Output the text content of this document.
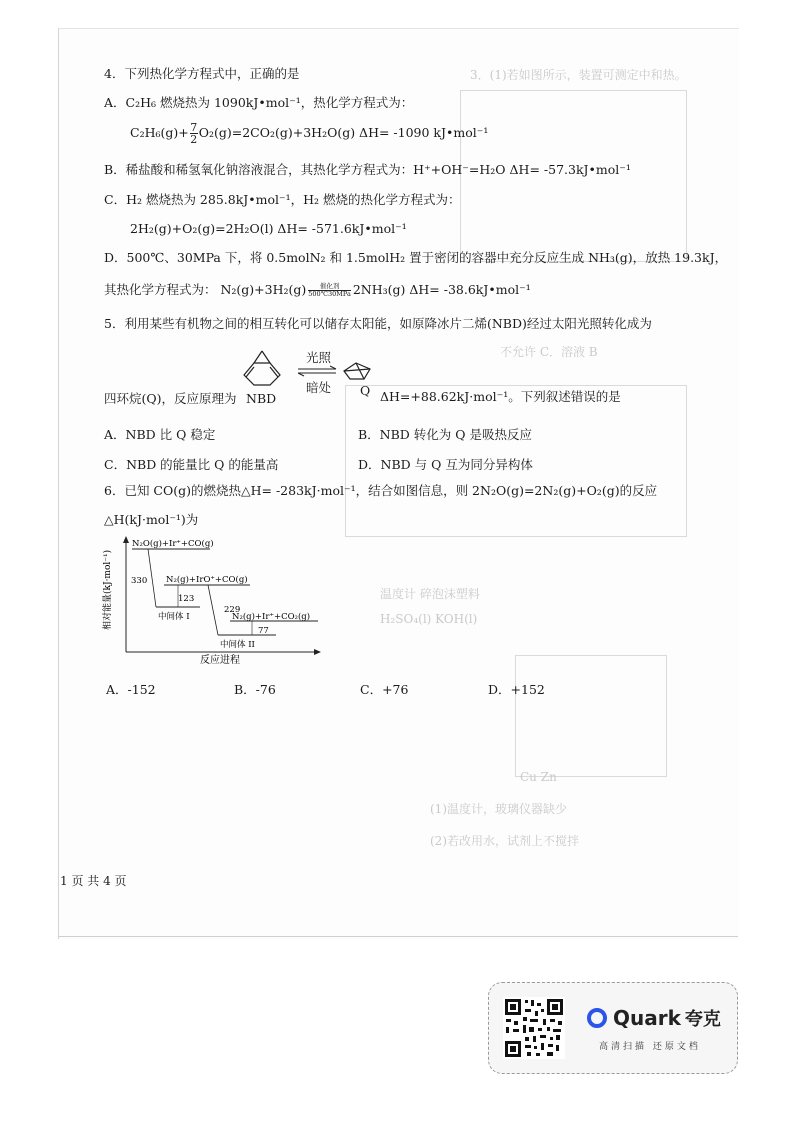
3．(1)若如图所示，装置可测定中和热。
不允许 C．溶液 B
Cu Zn
(1)温度计，玻璃仪器缺少
(2)若改用水，试剂上不搅拌
温度计 碎泡沫塑料
H₂SO₄(l) KOH(l)
4．下列热化学方程式中，正确的是
A．C₂H₆ 燃烧热为 1090kJ•mol⁻¹，热化学方程式为：
$C_2H_6(g)+ \frac{7}{2} O_2(g)=2CO_2(g)+3H_2O(g)$ ΔH= -1090 kJ•mol⁻¹
B．稀盐酸和稀氢氧化钠溶液混合，其热化学方程式为：H⁺+OH⁻=H₂O ΔH= -57.3kJ•mol⁻¹
C．H₂ 燃烧热为 285.8kJ•mol⁻¹，H₂ 燃烧的热化学方程式为：
2H₂(g)+O₂(g)=2H₂O(l) ΔH= -571.6kJ•mol⁻¹
D．500℃、30MPa 下，将 0.5molN₂ 和 1.5molH₂ 置于密闭的容器中充分反应生成 NH₃(g)，放热 19.3kJ，
其热化学方程式为： N₂(g)+3H₂(g)	催化剂
500℃30MPa 2NH₃(g) ΔH= -38.6kJ•mol⁻¹
5．利用某些有机物之间的相互转化可以储存太阳能，如原降冰片二烯(NBD)经过太阳光照转化成为
光照
暗处
NBD
Q
四环烷(Q)，反应原理为	ΔH=+88.62kJ·mol⁻¹。下列叙述错误的是
A．NBD 比 Q 稳定	B．NBD 转化为 Q 是吸热反应
C．NBD 的能量比 Q 的能量高	D．NBD 与 Q 互为同分异构体
6．已知 CO(g)的燃烧热△H= -283kJ·mol⁻¹，结合如图信息，则 2N₂O(g)=2N₂(g)+O₂(g)的反应
△H(kJ·mol⁻¹)为
相对能量(kJ·mol⁻¹)
反应进程
N₂O(g)+Ir⁺+CO(g)
中间体 I
330 N₂(g)+IrO⁺+CO(g)
123
中间体 II
229
N₂(g)+Ir⁺+CO₂(g)
77
A．-152	B．-76	C．+76	D．+152
1 页 共 4 页
Quark 夸克
高清扫描 还原文档
